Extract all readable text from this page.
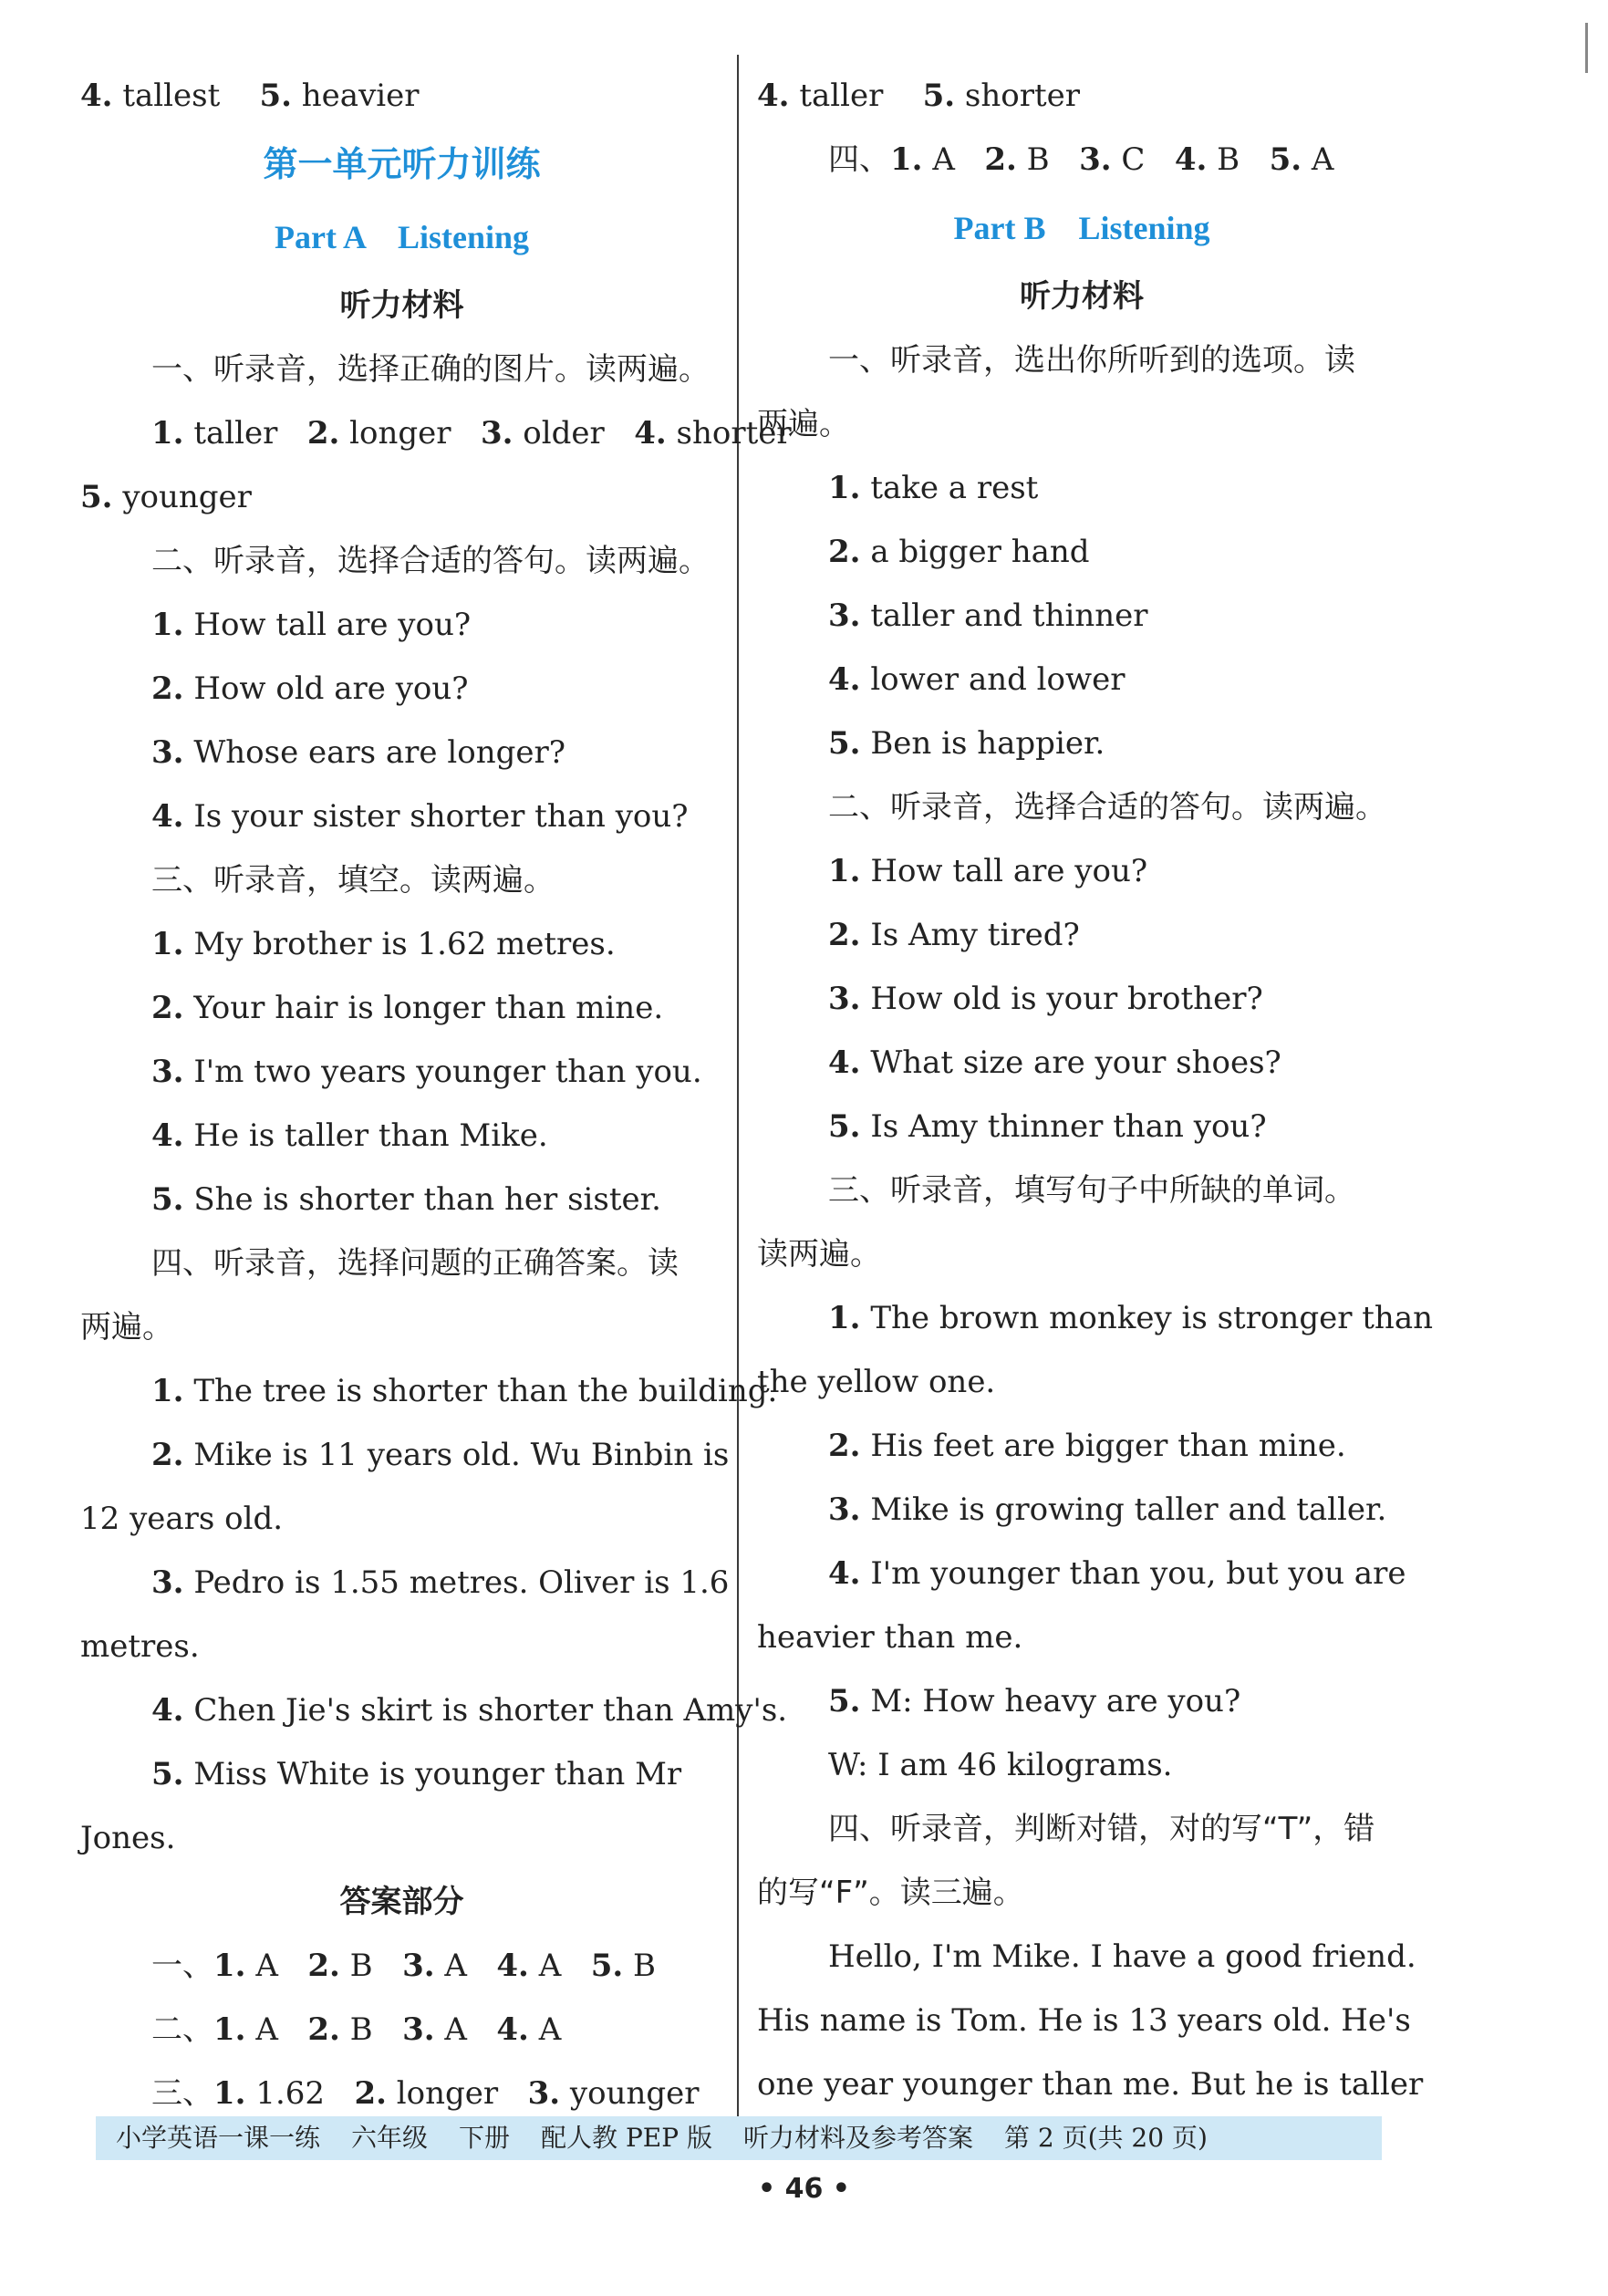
4. tallest 5. heavier
第一单元听力训练
Part A　Listening
听力材料
一、听录音，选择正确的图片。读两遍。
1. taller 2. longer 3. older 4. shorter
5. younger
二、听录音，选择合适的答句。读两遍。
1. How tall are you?
2. How old are you?
3. Whose ears are longer?
4. Is your sister shorter than you?
三、听录音，填空。读两遍。
1. My brother is 1.62 metres.
2. Your hair is longer than mine.
3. I'm two years younger than you.
4. He is taller than Mike.
5. She is shorter than her sister.
四、听录音，选择问题的正确答案。读
两遍。
1. The tree is shorter than the building.
2. Mike is 11 years old. Wu Binbin is
12 years old.
3. Pedro is 1.55 metres. Oliver is 1.6
metres.
4. Chen Jie's skirt is shorter than Amy's.
5. Miss White is younger than Mr
Jones.
答案部分
一、1. A 2. B 3. A 4. A 5. B
二、1. A 2. B 3. A 4. A
三、1. 1.62 2. longer 3. younger
4. taller 5. shorter
四、1. A 2. B 3. C 4. B 5. A
Part B　Listening
听力材料
一、听录音，选出你所听到的选项。读
两遍。
1. take a rest
2. a bigger hand
3. taller and thinner
4. lower and lower
5. Ben is happier.
二、听录音，选择合适的答句。读两遍。
1. How tall are you?
2. Is Amy tired?
3. How old is your brother?
4. What size are your shoes?
5. Is Amy thinner than you?
三、听录音，填写句子中所缺的单词。
读两遍。
1. The brown monkey is stronger than
the yellow one.
2. His feet are bigger than mine.
3. Mike is growing taller and taller.
4. I'm younger than you, but you are
heavier than me.
5. M: How heavy are you?
W: I am 46 kilograms.
四、听录音，判断对错，对的写“T”，错
的写“F”。读三遍。
Hello, I'm Mike. I have a good friend.
His name is Tom. He is 13 years old. He's
one year younger than me. But he is taller
小学英语一课一练 六年级 下册 配人教 PEP 版 听力材料及参考答案 第 2 页(共 20 页)
• 46 •
